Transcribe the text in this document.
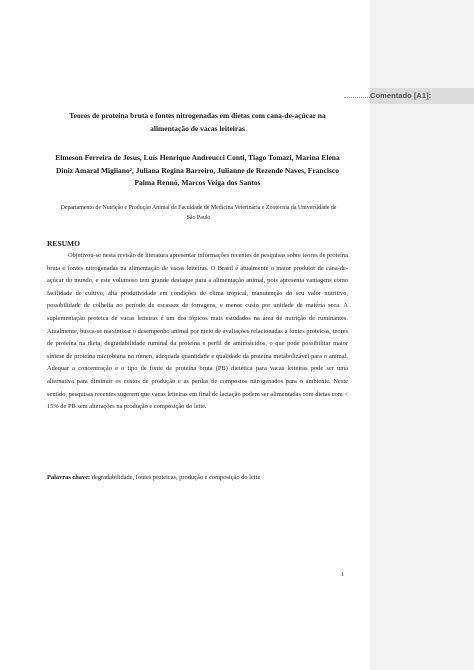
Comentado [A1]:
Teores de proteína bruta e fontes nitrogenadas em dietas com cana-de-açúcar na alimentação de vacas leiteiras
Elmeson Ferreira de Jesus, Luís Henrique Andreucci Conti, Tiago Tomazi, Marina Elena Diniz Amaral Migliano², Juliana Regina Barreiro, Julianne de Rezende Naves, Francisco Palma Rennó, Marcos Veiga dos Santos
Departamento de Nutrição e Produção Animal da Faculdade de Medicina Veterinária e Zootecnia da Universidade de São Paulo
RESUMO

Objetivou-se nesta revisão de literatura apresentar informações recentes de pesquisas sobre teores de proteína bruta e fontes nitrogenadas na alimentação de vacas leiteiras. O Brasil é atualmente o maior produtor de cana-de-açúcar do mundo, e este volumoso tem grande destaque para a alimentação animal, pois apresenta vantagens como facilidade de cultivo, alta produtividade em condições de clima tropical, manutenção do seu valor nutritivo, possibilidade de colheita no período de escassez de forragens, e menor custo por unidade de matéria seca. A suplementação proteica de vacas leiteiras é um dos tópicos mais estudados na área de nutrição de ruminantes. Atualmente, busca-se maximizar o desempenho animal por meio de avaliações relacionadas a fontes proteicas, teores de proteína na dieta, degradabilidade ruminal da proteína e perfil de aminoácidos, o que pode possibilitar maior síntese de proteína microbiana no rúmen, adequada quantidade e qualidade da proteína metabolizável para o animal. Adequar a concentração e o tipo de fonte de proteína bruta (PB) dietética para vacas leiteiras pode ser uma alternativa para diminuir os custos de produção e as perdas de compostos nitrogenados para o ambiente. Neste sentido, pesquisas recentes sugerem que vacas leiteiras em final de lactação podem ser alimentadas com dietas com < 15% de PB sem alterações na produção e composição do leite.

Palavras chave: degradabilidade, fontes proteicas, produção e composição do leite
1
